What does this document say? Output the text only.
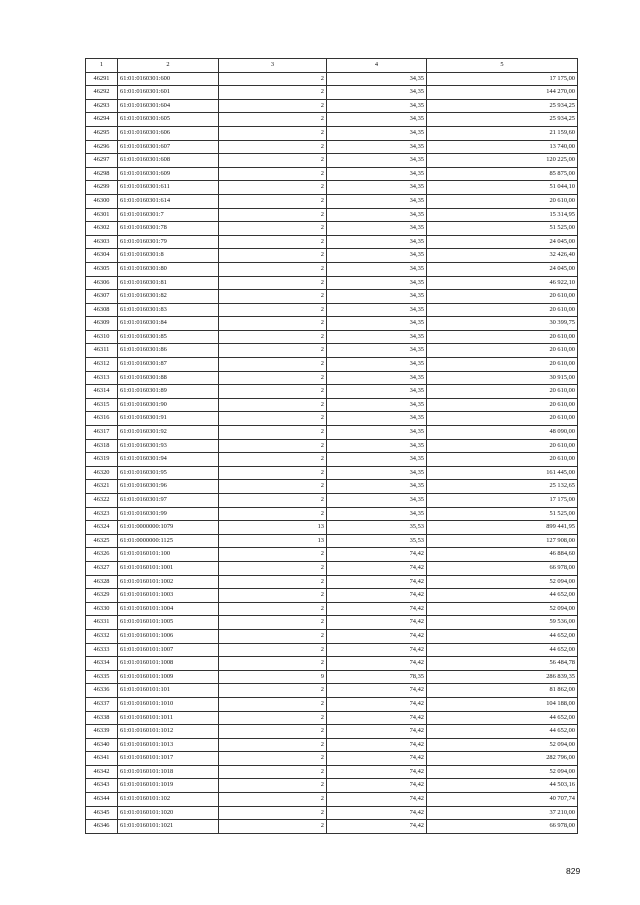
1	2	3	4	5
46291	61:01:0160301:600	2	34,35	17 175,00
46292	61:01:0160301:601	2	34,35	144 270,00
46293	61:01:0160301:604	2	34,35	25 934,25
46294	61:01:0160301:605	2	34,35	25 934,25
46295	61:01:0160301:606	2	34,35	21 159,60
46296	61:01:0160301:607	2	34,35	13 740,00
46297	61:01:0160301:608	2	34,35	120 225,00
46298	61:01:0160301:609	2	34,35	85 875,00
46299	61:01:0160301:611	2	34,35	51 044,10
46300	61:01:0160301:614	2	34,35	20 610,00
46301	61:01:0160301:7	2	34,35	15 314,95
46302	61:01:0160301:78	2	34,35	51 525,00
46303	61:01:0160301:79	2	34,35	24 045,00
46304	61:01:0160301:8	2	34,35	32 426,40
46305	61:01:0160301:80	2	34,35	24 045,00
46306	61:01:0160301:81	2	34,35	46 922,10
46307	61:01:0160301:82	2	34,35	20 610,00
46308	61:01:0160301:83	2	34,35	20 610,00
46309	61:01:0160301:84	2	34,35	30 399,75
46310	61:01:0160301:85	2	34,35	20 610,00
46311	61:01:0160301:86	2	34,35	20 610,00
46312	61:01:0160301:87	2	34,35	20 610,00
46313	61:01:0160301:88	2	34,35	30 915,00
46314	61:01:0160301:89	2	34,35	20 610,00
46315	61:01:0160301:90	2	34,35	20 610,00
46316	61:01:0160301:91	2	34,35	20 610,00
46317	61:01:0160301:92	2	34,35	48 090,00
46318	61:01:0160301:93	2	34,35	20 610,00
46319	61:01:0160301:94	2	34,35	20 610,00
46320	61:01:0160301:95	2	34,35	161 445,00
46321	61:01:0160301:96	2	34,35	25 132,65
46322	61:01:0160301:97	2	34,35	17 175,00
46323	61:01:0160301:99	2	34,35	51 525,00
46324	61:01:0000000:1079	13	35,53	899 441,95
46325	61:01:0000000:1125	13	35,53	127 908,00
46326	61:01:0160101:100	2	74,42	46 884,60
46327	61:01:0160101:1001	2	74,42	66 978,00
46328	61:01:0160101:1002	2	74,42	52 094,00
46329	61:01:0160101:1003	2	74,42	44 652,00
46330	61:01:0160101:1004	2	74,42	52 094,00
46331	61:01:0160101:1005	2	74,42	59 536,00
46332	61:01:0160101:1006	2	74,42	44 652,00
46333	61:01:0160101:1007	2	74,42	44 652,00
46334	61:01:0160101:1008	2	74,42	56 484,78
46335	61:01:0160101:1009	9	78,35	286 839,35
46336	61:01:0160101:101	2	74,42	81 862,00
46337	61:01:0160101:1010	2	74,42	104 188,00
46338	61:01:0160101:1011	2	74,42	44 652,00
46339	61:01:0160101:1012	2	74,42	44 652,00
46340	61:01:0160101:1013	2	74,42	52 094,00
46341	61:01:0160101:1017	2	74,42	282 796,00
46342	61:01:0160101:1018	2	74,42	52 094,00
46343	61:01:0160101:1019	2	74,42	44 503,16
46344	61:01:0160101:102	2	74,42	40 707,74
46345	61:01:0160101:1020	2	74,42	37 210,00
46346	61:01:0160101:1021	2	74,42	66 978,00
829
